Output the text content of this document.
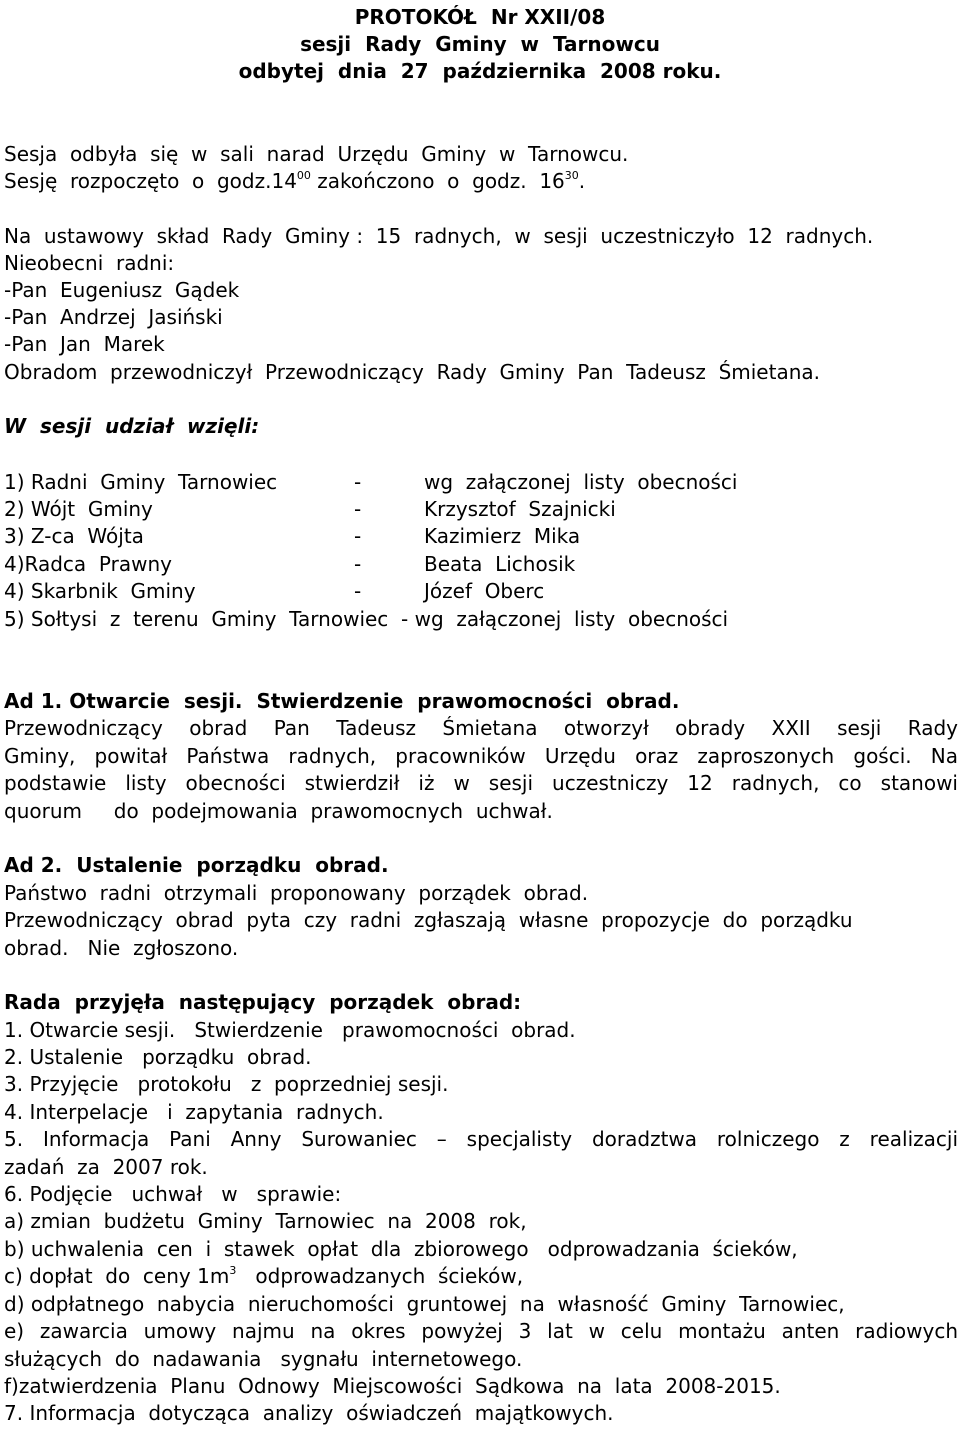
PROTOKÓŁ  Nr XXII/08
sesji  Rady  Gminy  w  Tarnowcu
odbytej  dnia  27  października  2008 roku.
Sesja  odbyła  się  w  sali  narad  Urzędu  Gminy  w  Tarnowcu.
Sesję  rozpoczęto  o  $godz.14^{00}$ zakończono  o  godz.  $16^{30}$.
Na  ustawowy  skład  Rady  Gminy :  15  radnych,  w  sesji  uczestniczyło  12  radnych.
Nieobecni  radni:
-Pan  Eugeniusz  Gądek
-Pan  Andrzej  Jasiński
-Pan  Jan  Marek
Obradom  przewodniczył  Przewodniczący  Rady  Gminy  Pan  Tadeusz  Śmietana.
W  sesji  udział  wzięli:
1) Radni  Gminy  Tarnowiec	-	wg  załączonej  listy  obecności
2) Wójt  Gminy	-	Krzysztof  Szajnicki
3) Z-ca  Wójta	-	Kazimierz  Mika
4)Radca  Prawny	-	Beata  Lichosik
4) Skarbnik  Gminy	-	Józef  Oberc
5) Sołtysi  z  terenu  Gminy  Tarnowiec  - wg  załączonej  listy  obecności
Ad 1. Otwarcie  sesji.  Stwierdzenie  prawomocności  obrad.
Przewodniczący obrad Pan Tadeusz Śmietana otworzył obrady XXII sesji Rady
Gminy, powitał Państwa radnych, pracowników Urzędu oraz zaproszonych gości. Na
podstawie listy obecności stwierdził iż w sesji uczestniczy 12 radnych, co stanowi
quorum     do  podejmowania  prawomocnych  uchwał.
Ad 2.  Ustalenie  porządku  obrad.
Państwo  radni  otrzymali  proponowany  porządek  obrad.
Przewodniczący  obrad  pyta  czy  radni  zgłaszają  własne  propozycje  do  porządku
obrad.   Nie  zgłoszono.
Rada  przyjęła  następujący  porządek  obrad:
1. Otwarcie sesji.   Stwierdzenie   prawomocności  obrad.
2. Ustalenie   porządku  obrad.
3. Przyjęcie   protokołu   z  poprzedniej sesji.
4. Interpelacje   i  zapytania  radnych.
5. Informacja Pani Anny Surowaniec – specjalisty doradztwa rolniczego z realizacji
zadań  za  2007 rok.
6. Podjęcie   uchwał   w   sprawie:
a) zmian  budżetu  Gminy  Tarnowiec  na  2008  rok,
b) uchwalenia  cen  i  stawek  opłat  dla  zbiorowego   odprowadzania  ścieków,
c) dopłat  do  ceny $1m^3$   odprowadzanych  ścieków,
d) odpłatnego  nabycia  nieruchomości  gruntowej  na  własność  Gminy  Tarnowiec,
e) zawarcia umowy najmu na okres powyżej 3 lat w celu montażu anten radiowych
służących  do  nadawania   sygnału  internetowego.
f)zatwierdzenia  Planu  Odnowy  Miejscowości  Sądkowa  na  lata  2008-2015.
7. Informacja  dotycząca  analizy  oświadczeń  majątkowych.
